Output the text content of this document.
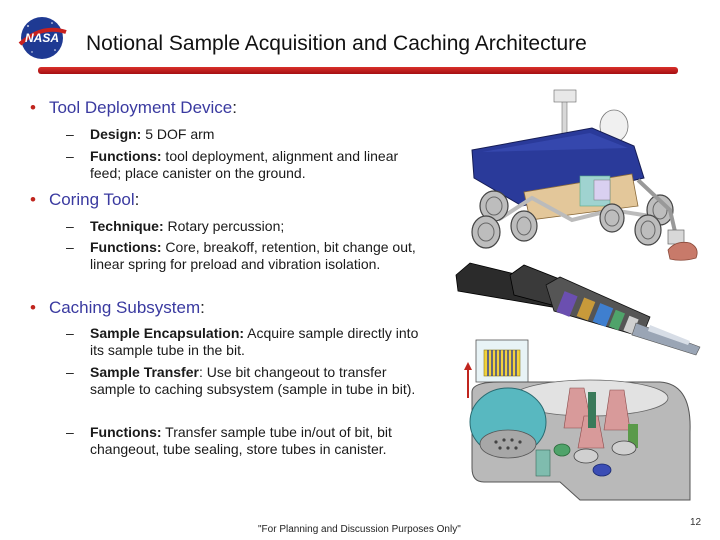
NASA Notional Sample Acquisition and Caching Architecture
• Tool Deployment Device:
– Design: 5 DOF arm
– Functions: tool deployment, alignment and linear feed; place canister on the ground.
• Coring Tool:
– Technique: Rotary percussion;
– Functions: Core, breakoff, retention, bit change out, linear spring for preload and vibration isolation.
• Caching Subsystem:
– Sample Encapsulation: Acquire sample directly into its sample tube in the bit.
– Sample Transfer: Use bit changeout to transfer sample to caching subsystem (sample in tube in bit).
– Functions: Transfer sample tube in/out of bit, bit changeout, tube sealing, store tubes in canister.
"For Planning and Discussion Purposes Only"
12
